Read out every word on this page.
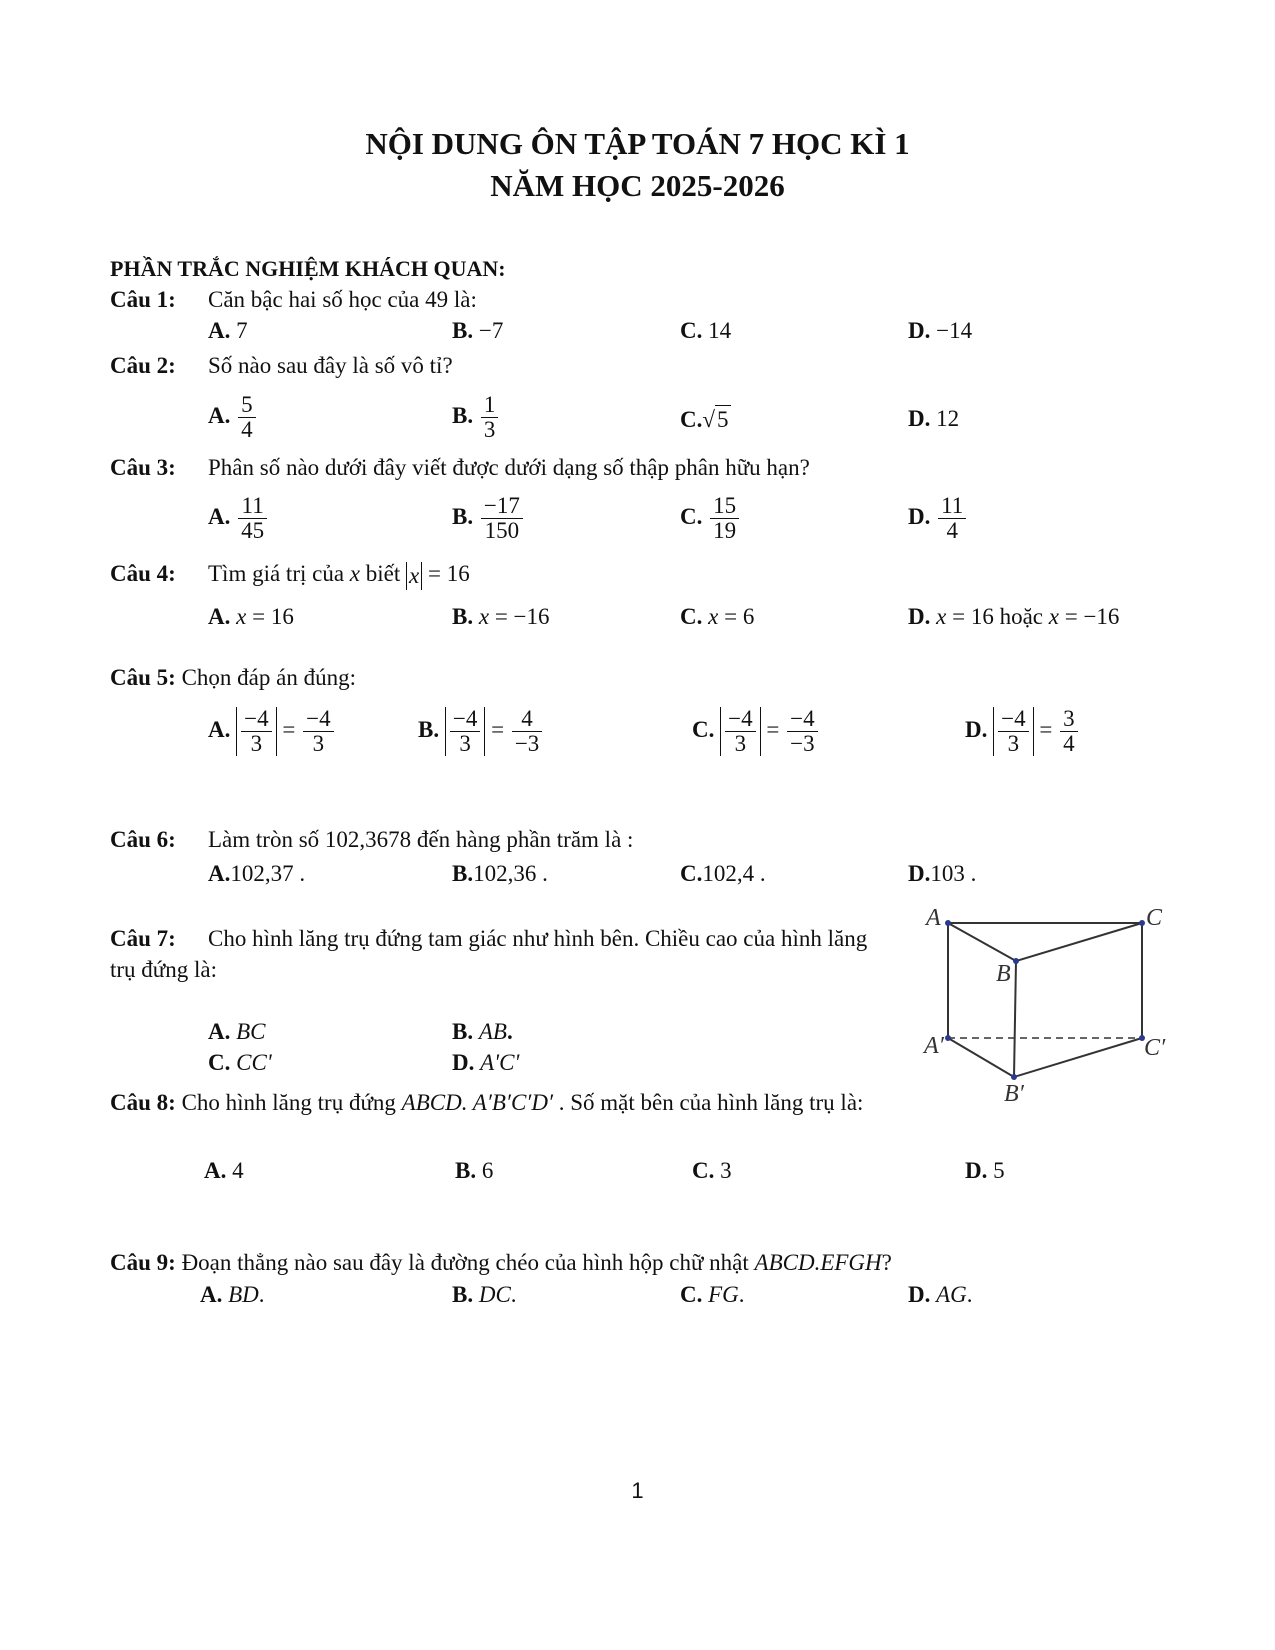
NỘI DUNG ÔN TẬP TOÁN 7 HỌC KÌ 1
NĂM HỌC 2025-2026
PHẦN TRẮC NGHIỆM KHÁCH QUAN:
Câu 1: Căn bậc hai số học của 49 là:
A. 7	B. −7	C. 14	D. −14
Câu 2: Số nào sau đây là số vô tỉ?
A. $\frac{5}{4}$	B. $\frac{1}{3}$	C.√5	D. 12
Câu 3: Phân số nào dưới đây viết được dưới dạng số thập phân hữu hạn?
A. $\frac{11}{45}$	B. $\frac{-17}{150}$	C. $\frac{15}{19}$	D. $\frac{11}{4}$
Câu 4: Tìm giá trị của x biết x = 16
A. x = 16	B. x = −16	C. x = 6	D. x = 16 hoặc x = −16
Câu 5: Chọn đáp án đúng:
A. $\frac{-4}{3} = \frac{-4}{3}$	B. $\frac{-4}{3} = \frac{4}{-3}$	C. $\frac{-4}{3} = \frac{-4}{-3}$	D. $\frac{-4}{3} = \frac{3}{4}$
Câu 6: Làm tròn số 102,3678 đến hàng phần trăm là :
A.102,37 .	B.102,36 .	C.102,4 .	D.103 .
Câu 7: Cho hình lăng trụ đứng tam giác như hình bên. Chiều cao của hình lăng
trụ đứng là:
A. BC	B. AB.
C. CC'	D. A'C'
A
B
C
A′
B′
C′
Câu 8: Cho hình lăng trụ đứng ABCD. A′B′C′D′ . Số mặt bên của hình lăng trụ là:
A. 4	B. 6	C. 3	D. 5
Câu 9: Đoạn thẳng nào sau đây là đường chéo của hình hộp chữ nhật ABCD.EFGH?
A. BD.	B. DC.	C. FG.	D. AG.
1
